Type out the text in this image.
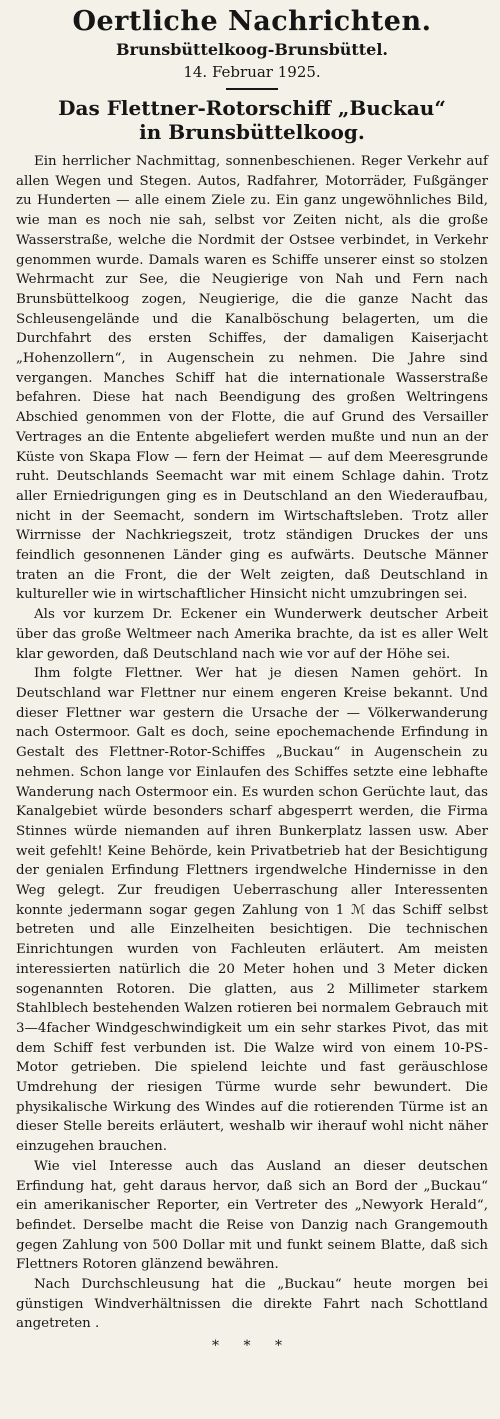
Oertliche Nachrichten.
Brunsbüttelkoog-Brunsbüttel.
14. Februar 1925.
Das Flettner-Rotorschiff „Buckau“
in Brunsbüttelkoog.

Ein herrlicher Nachmittag, sonnenbeschienen. Reger Verkehr auf allen Wegen und Stegen. Autos, Radfahrer, Motorräder, Fußgänger zu Hunderten — alle einem Ziele zu. Ein ganz ungewöhnliches Bild, wie man es noch nie sah, selbst vor Zeiten nicht, als die große Wasserstraße, welche die Nordmit der Ostsee verbindet, in Verkehr genommen wurde. Damals waren es Schiffe unserer einst so stolzen Wehrmacht zur See, die Neugierige von Nah und Fern nach Brunsbüttelkoog zogen, Neugierige, die die ganze Nacht das Schleusengelände und die Kanalböschung belagerten, um die Durchfahrt des ersten Schiffes, der damaligen Kaiserjacht „Hohenzollern“, in Augenschein zu nehmen. Die Jahre sind vergangen. Manches Schiff hat die internationale Wasserstraße befahren. Diese hat nach Beendigung des großen Weltringens Abschied genommen von der Flotte, die auf Grund des Versailler Vertrages an die Entente abgeliefert werden mußte und nun an der Küste von Skapa Flow — fern der Heimat — auf dem Meeresgrunde ruht. Deutschlands Seemacht war mit einem Schlage dahin. Trotz aller Erniedrigungen ging es in Deutschland an den Wiederaufbau, nicht in der Seemacht, sondern im Wirtschaftsleben. Trotz aller Wirrnisse der Nachkriegszeit, trotz ständigen Druckes der uns feindlich gesonnenen Länder ging es aufwärts. Deutsche Männer traten an die Front, die der Welt zeigten, daß Deutschland in kultureller wie in wirtschaftlicher Hinsicht nicht umzubringen sei.

Als vor kurzem Dr. Eckener ein Wunderwerk deutscher Arbeit über das große Weltmeer nach Amerika brachte, da ist es aller Welt klar geworden, daß Deutschland nach wie vor auf der Höhe sei.

Ihm folgte Flettner. Wer hat je diesen Namen gehört. In Deutschland war Flettner nur einem engeren Kreise bekannt. Und dieser Flettner war gestern die Ursache der — Völkerwanderung nach Ostermoor. Galt es doch, seine epochemachende Erfindung in Gestalt des Flettner-Rotor-Schiffes „Buckau“ in Augenschein zu nehmen. Schon lange vor Einlaufen des Schiffes setzte eine lebhafte Wanderung nach Ostermoor ein. Es wurden schon Gerüchte laut, das Kanalgebiet würde besonders scharf abgesperrt werden, die Firma Stinnes würde niemanden auf ihren Bunkerplatz lassen usw. Aber weit gefehlt! Keine Behörde, kein Privatbetrieb hat der Besichtigung der genialen Erfindung Flettners irgendwelche Hindernisse in den Weg gelegt. Zur freudigen Ueberraschung aller Interessenten konnte jedermann sogar gegen Zahlung von 1 ℳ das Schiff selbst betreten und alle Einzelheiten besichtigen. Die technischen Einrichtungen wurden von Fachleuten erläutert. Am meisten interessierten natürlich die 20 Meter hohen und 3 Meter dicken sogenannten Rotoren. Die glatten, aus 2 Millimeter starkem Stahlblech bestehenden Walzen rotieren bei normalem Gebrauch mit 3—4facher Windgeschwindigkeit um ein sehr starkes Pivot, das mit dem Schiff fest verbunden ist. Die Walze wird von einem 10-PS-Motor getrieben. Die spielend leichte und fast geräuschlose Umdrehung der riesigen Türme wurde sehr bewundert. Die physikalische Wirkung des Windes auf die rotierenden Türme ist an dieser Stelle bereits erläutert, weshalb wir iherauf wohl nicht näher einzugehen brauchen.

Wie viel Interesse auch das Ausland an dieser deutschen Erfindung hat, geht daraus hervor, daß sich an Bord der „Buckau“ ein amerikanischer Reporter, ein Vertreter des „Newyork Herald“, befindet. Derselbe macht die Reise von Danzig nach Grangemouth gegen Zahlung von 500 Dollar mit und funkt seinem Blatte, daß sich Flettners Rotoren glänzend bewähren.

Nach Durchschleusung hat die „Buckau“ heute morgen bei günstigen Windverhältnissen die direkte Fahrt nach Schottland angetreten .

* * *
